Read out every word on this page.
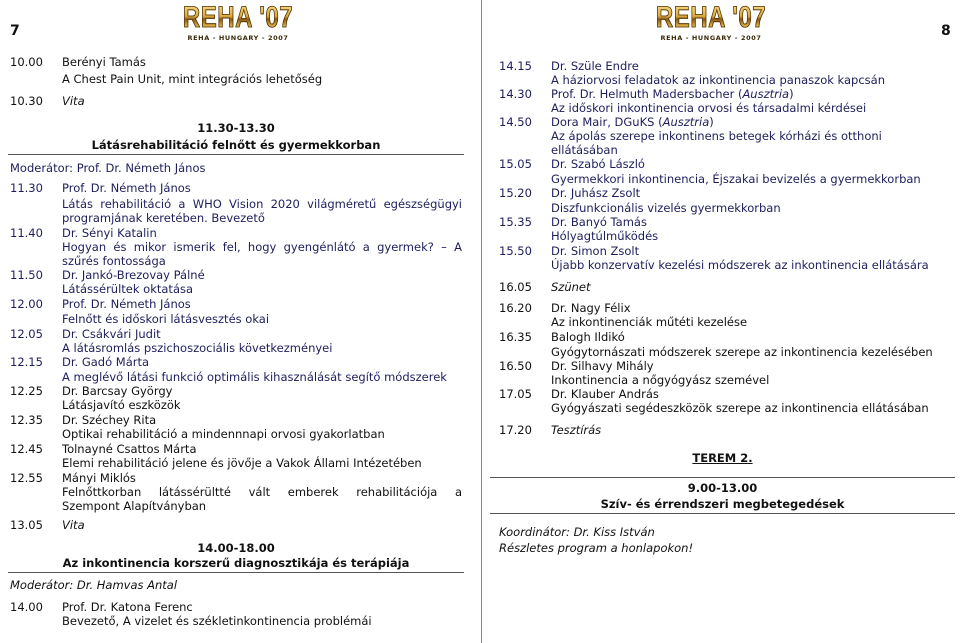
7	REHA '07
REHA - HUNGARY - 2007
10.00 Berényi Tamás
A Chest Pain Unit, mint integrációs lehetőség
10.30 Vita
11.30-13.30
Látásrehabilitáció felnőtt és gyermekkorban
Moderátor: Prof. Dr. Németh János
11.30 Prof. Dr. Németh János
Látás rehabilitáció a WHO Vision 2020 világméretű egészségügyi
programjának keretében. Bevezető
11.40 Dr. Sényi Katalin
Hogyan és mikor ismerik fel, hogy gyengénlátó a gyermek? – A
szűrés fontossága
11.50 Dr. Jankó-Brezovay Pálné
Látássérültek oktatása
12.00 Prof. Dr. Németh János
Felnőtt és időskori látásvesztés okai
12.05 Dr. Csákvári Judit
A látásromlás pszichoszociális következményei
12.15 Dr. Gadó Márta
A meglévő látási funkció optimális kihasználását segítő módszerek
12.25 Dr. Barcsay György
Látásjavító eszközök
12.35 Dr. Széchey Rita
Optikai rehabilitáció a mindennnapi orvosi gyakorlatban
12.45 Tolnayné Csattos Márta
Elemi rehabilitáció jelene és jövője a Vakok Állami Intézetében
12.55 Mányi Miklós
Felnőttkorban látássérültté vált emberek rehabilitációja a
Szempont Alapítványban
13.05 Vita
14.00-18.00
Az inkontinencia korszerű diagnosztikája és terápiája
Moderátor: Dr. Hamvas Antal
14.00 Prof. Dr. Katona Ferenc
Bevezető, A vizelet és székletinkontinencia problémái
8
REHA '07
REHA - HUNGARY - 2007
14.15 Dr. Szüle Endre
A háziorvosi feladatok az inkontinencia panaszok kapcsán
14.30 Prof. Dr. Helmuth Madersbacher (Ausztria)
Az időskori inkontinencia orvosi és társadalmi kérdései
14.50 Dora Mair, DGuKS (Ausztria)
Az ápolás szerepe inkontinens betegek kórházi és otthoni
ellátásában
15.05 Dr. Szabó László
Gyermekkori inkontinencia, Éjszakai bevizelés a gyermekkorban
15.20 Dr. Juhász Zsolt
Diszfunkcionális vizelés gyermekkorban
15.35 Dr. Banyó Tamás
Hólyagtúlműködés
15.50 Dr. Simon Zsolt
Újabb konzervatív kezelési módszerek az inkontinencia ellátására
16.05 Szünet
16.20 Dr. Nagy Félix
Az inkontinenciák műtéti kezelése
16.35 Balogh Ildikó
Gyógytornászati módszerek szerepe az inkontinencia kezelésében
16.50 Dr. Silhavy Mihály
Inkontinencia a nőgyógyász szemével
17.05 Dr. Klauber András
Gyógyászati segédeszközök szerepe az inkontinencia ellátásában
17.20 Tesztírás
TEREM 2.
9.00-13.00
Szív- és érrendszeri megbetegedések
Koordinátor: Dr. Kiss István
Részletes program a honlapokon!
